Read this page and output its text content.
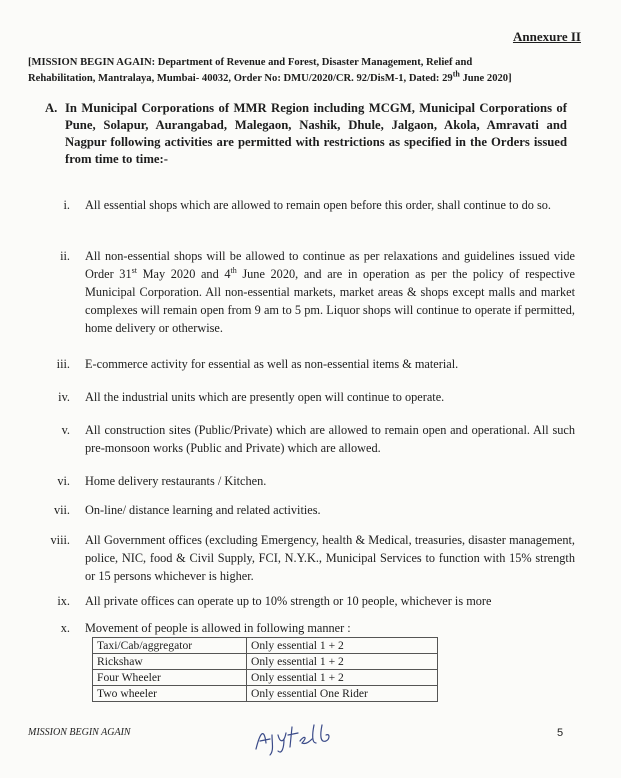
Annexure II
[MISSION BEGIN AGAIN: Department of Revenue and Forest, Disaster Management, Relief and
Rehabilitation, Mantralaya, Mumbai- 40032, Order No: DMU/2020/CR. 92/DisM-1, Dated: 29th June 2020]
A. In Municipal Corporations of MMR Region including MCGM, Municipal Corporations of Pune, Solapur, Aurangabad, Malegaon, Nashik, Dhule, Jalgaon, Akola, Amravati and Nagpur following activities are permitted with restrictions as specified in the Orders issued from time to time:-
i. All essential shops which are allowed to remain open before this order, shall continue to do so.
ii. All non-essential shops will be allowed to continue as per relaxations and guidelines issued vide Order 31st May 2020 and 4th June 2020, and are in operation as per the policy of respective Municipal Corporation. All non-essential markets, market areas & shops except malls and market complexes will remain open from 9 am to 5 pm. Liquor shops will continue to operate if permitted, home delivery or otherwise.
iii. E-commerce activity for essential as well as non-essential items & material.
iv. All the industrial units which are presently open will continue to operate.
v. All construction sites (Public/Private) which are allowed to remain open and operational. All such pre-monsoon works (Public and Private) which are allowed.
vi. Home delivery restaurants / Kitchen.
vii. On-line/ distance learning and related activities.
viii. All Government offices (excluding Emergency, health & Medical, treasuries, disaster management, police, NIC, food & Civil Supply, FCI, N.Y.K., Municipal Services to function with 15% strength or 15 persons whichever is higher.
ix. All private offices can operate up to 10% strength or 10 people, whichever is more
x. Movement of people is allowed in following manner :
Taxi/Cab/aggregator	Only essential 1 + 2
Rickshaw	Only essential 1 + 2
Four Wheeler	Only essential 1 + 2
Two wheeler	Only essential One Rider
MISSION BEGIN AGAIN	5
